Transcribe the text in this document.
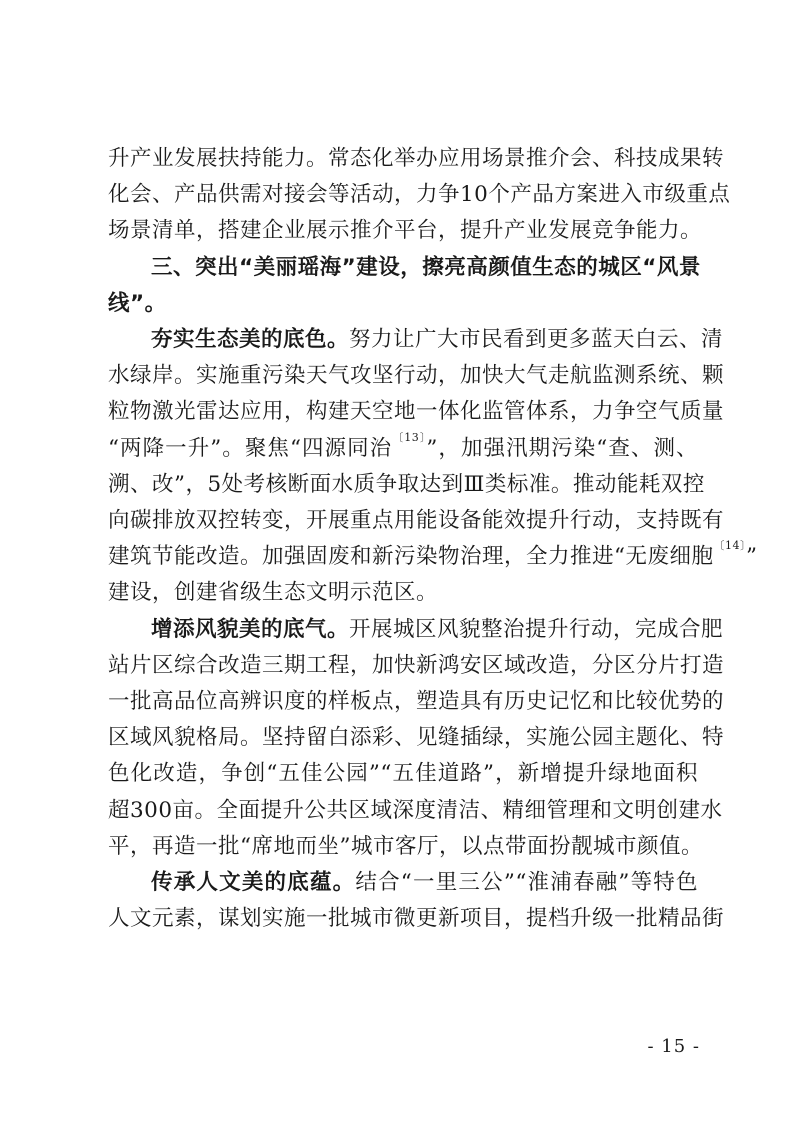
升产业发展扶持能力。常态化举办应用场景推介会、科技成果转
化会、产品供需对接会等活动，力争10个产品方案进入市级重点
场景清单，搭建企业展示推介平台，提升产业发展竞争能力。
三、突出“美丽瑶海”建设，擦亮高颜值生态的城区“风景
线”。
夯实生态美的底色。努力让广大市民看到更多蓝天白云、清
水绿岸。实施重污染天气攻坚行动，加快大气走航监测系统、颗
粒物激光雷达应用，构建天空地一体化监管体系，力争空气质量
“两降一升”。聚焦“四源同治$^{〔13〕}$”，加强汛期污染“查、测、
溯、改”，5处考核断面水质争取达到Ⅲ类标准。推动能耗双控
向碳排放双控转变，开展重点用能设备能效提升行动，支持既有
建筑节能改造。加强固废和新污染物治理，全力推进“无废细胞$^{〔14〕}$”
建设，创建省级生态文明示范区。
增添风貌美的底气。开展城区风貌整治提升行动，完成合肥
站片区综合改造三期工程，加快新鸿安区域改造，分区分片打造
一批高品位高辨识度的样板点，塑造具有历史记忆和比较优势的
区域风貌格局。坚持留白添彩、见缝插绿，实施公园主题化、特
色化改造，争创“五佳公园”“五佳道路”，新增提升绿地面积
超300亩。全面提升公共区域深度清洁、精细管理和文明创建水
平，再造一批“席地而坐”城市客厅，以点带面扮靓城市颜值。
传承人文美的底蕴。结合“一里三公”“淮浦春融”等特色
人文元素，谋划实施一批城市微更新项目，提档升级一批精品街
- 15 -
